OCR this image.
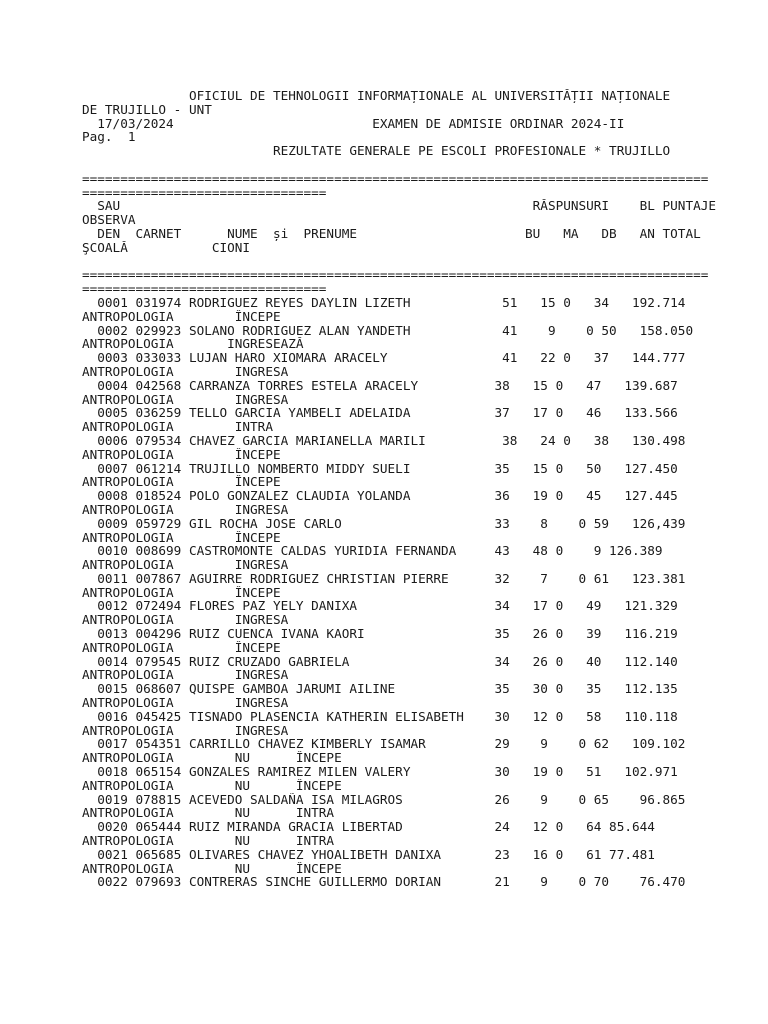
OFICIUL DE TEHNOLOGII INFORMAȚIONALE AL UNIVERSITĂȚII NAȚIONALE
DE TRUJILLO - UNT
17/03/2024                          EXAMEN DE ADMISIE ORDINAR 2024-II
Pag.  1
REZULTATE GENERALE PE ESCOLI PROFESIONALE * TRUJILLO
==================================================================================
================================
SAU                                                      RĂSPUNSURI    BL PUNTAJE
OBSERVA
DEN  CARNET      NUME  și  PRENUME                      BU   MA   DB   AN TOTAL
ŞCOALĂ           CIONI
==================================================================================
================================
0001 031974 RODRIGUEZ REYES DAYLIN LIZETH            51   15 0   34   192.714
ANTROPOLOGIA        ÎNCEPE
0002 029923 SOLANO RODRIGUEZ ALAN YANDETH            41    9    0 50   158.050
ANTROPOLOGIA       INGRESEAZĂ
0003 033033 LUJAN HARO XIOMARA ARACELY               41   22 0   37   144.777
ANTROPOLOGIA        INGRESA
0004 042568 CARRANZA TORRES ESTELA ARACELY          38   15 0   47   139.687
ANTROPOLOGIA        INGRESA
0005 036259 TELLO GARCIA YAMBELI ADELAIDA           37   17 0   46   133.566
ANTROPOLOGIA        INTRA
0006 079534 CHAVEZ GARCIA MARIANELLA MARILI          38   24 0   38   130.498
ANTROPOLOGIA        ÎNCEPE
0007 061214 TRUJILLO NOMBERTO MIDDY SUELI           35   15 0   50   127.450
ANTROPOLOGIA        ÎNCEPE
0008 018524 POLO GONZALEZ CLAUDIA YOLANDA           36   19 0   45   127.445
ANTROPOLOGIA        INGRESA
0009 059729 GIL ROCHA JOSE CARLO                    33    8    0 59   126,439
ANTROPOLOGIA        ÎNCEPE
0010 008699 CASTROMONTE CALDAS YURIDIA FERNANDA     43   48 0    9 126.389
ANTROPOLOGIA        INGRESA
0011 007867 AGUIRRE RODRIGUEZ CHRISTIAN PIERRE      32    7    0 61   123.381
ANTROPOLOGIA        ÎNCEPE
0012 072494 FLORES PAZ YELY DANIXA                  34   17 0   49   121.329
ANTROPOLOGIA        INGRESA
0013 004296 RUIZ CUENCA IVANA KAORI                 35   26 0   39   116.219
ANTROPOLOGIA        ÎNCEPE
0014 079545 RUIZ CRUZADO GABRIELA                   34   26 0   40   112.140
ANTROPOLOGIA        INGRESA
0015 068607 QUISPE GAMBOA JARUMI AILINE             35   30 0   35   112.135
ANTROPOLOGIA        INGRESA
0016 045425 TISNADO PLASENCIA KATHERIN ELISABETH    30   12 0   58   110.118
ANTROPOLOGIA        INGRESA
0017 054351 CARRILLO CHAVEZ KIMBERLY ISAMAR         29    9    0 62   109.102
ANTROPOLOGIA        NU      ÎNCEPE
0018 065154 GONZALES RAMIREZ MILEN VALERY           30   19 0   51   102.971
ANTROPOLOGIA        NU      ÎNCEPE
0019 078815 ACEVEDO SALDAÑA ISA MILAGROS            26    9    0 65    96.865
ANTROPOLOGIA        NU      INTRA
0020 065444 RUIZ MIRANDA GRACIA LIBERTAD            24   12 0   64 85.644
ANTROPOLOGIA        NU      INTRA
0021 065685 OLIVARES CHAVEZ YHOALIBETH DANIXA       23   16 0   61 77.481
ANTROPOLOGIA        NU      ÎNCEPE
0022 079693 CONTRERAS SINCHE GUILLERMO DORIAN       21    9    0 70    76.470
